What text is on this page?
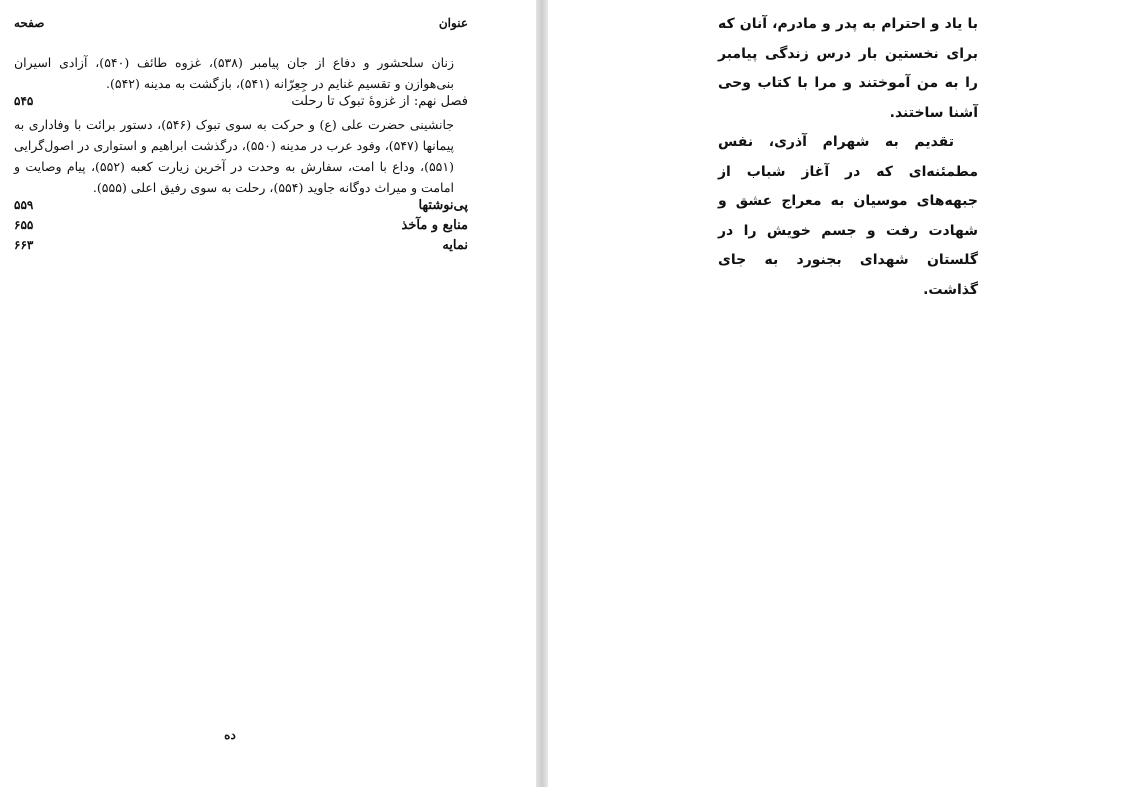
صفحه	عنوان
زنان سلحشور و دفاع از جان پیامبر (۵۳۸)، غزوه طائف (۵۴۰)، آزادی اسیران بنی‌هوازن و تقسیم غنایم در جِعِرّانه (۵۴۱)، بازگشت به مدینه (۵۴۲).
فصل نهم: از غزوهٔ تبوک تا رحلت
۵۴۵
جانشینی حضرت علی (ع) و حرکت به سوی تبوک (۵۴۶)، دستور برائت با وفاداری به پیمانها (۵۴۷)، وفود عرب در مدینه (۵۵۰)، درگذشت ابراهیم و استواری در اصول‌گرایی (۵۵۱)، وداع با امت، سفارش به وحدت در آخرین زیارت کعبه (۵۵۲)، پیام وصایت و امامت و میراث دوگانه جاوید (۵۵۴)، رحلت به سوی رفیق اعلی (۵۵۵).
پی‌نوشتها
۵۵۹
منابع و مآخذ
۶۵۵
نمایه
۶۶۳
ده

با یاد و احترام به پدر و مادرم، آنان که برای نخستین بار درس زندگی پیامبر را به من آموختند و مرا با کتاب وحی آشنا ساختند.

تقدیم به شهرام آذری، نفس مطمئنه‌ای که در آغاز شباب از جبهه‌های موسیان به معراج عشق و شهادت رفت و جسم خویش را در گلستان شهدای بجنورد به جای گذاشت.
